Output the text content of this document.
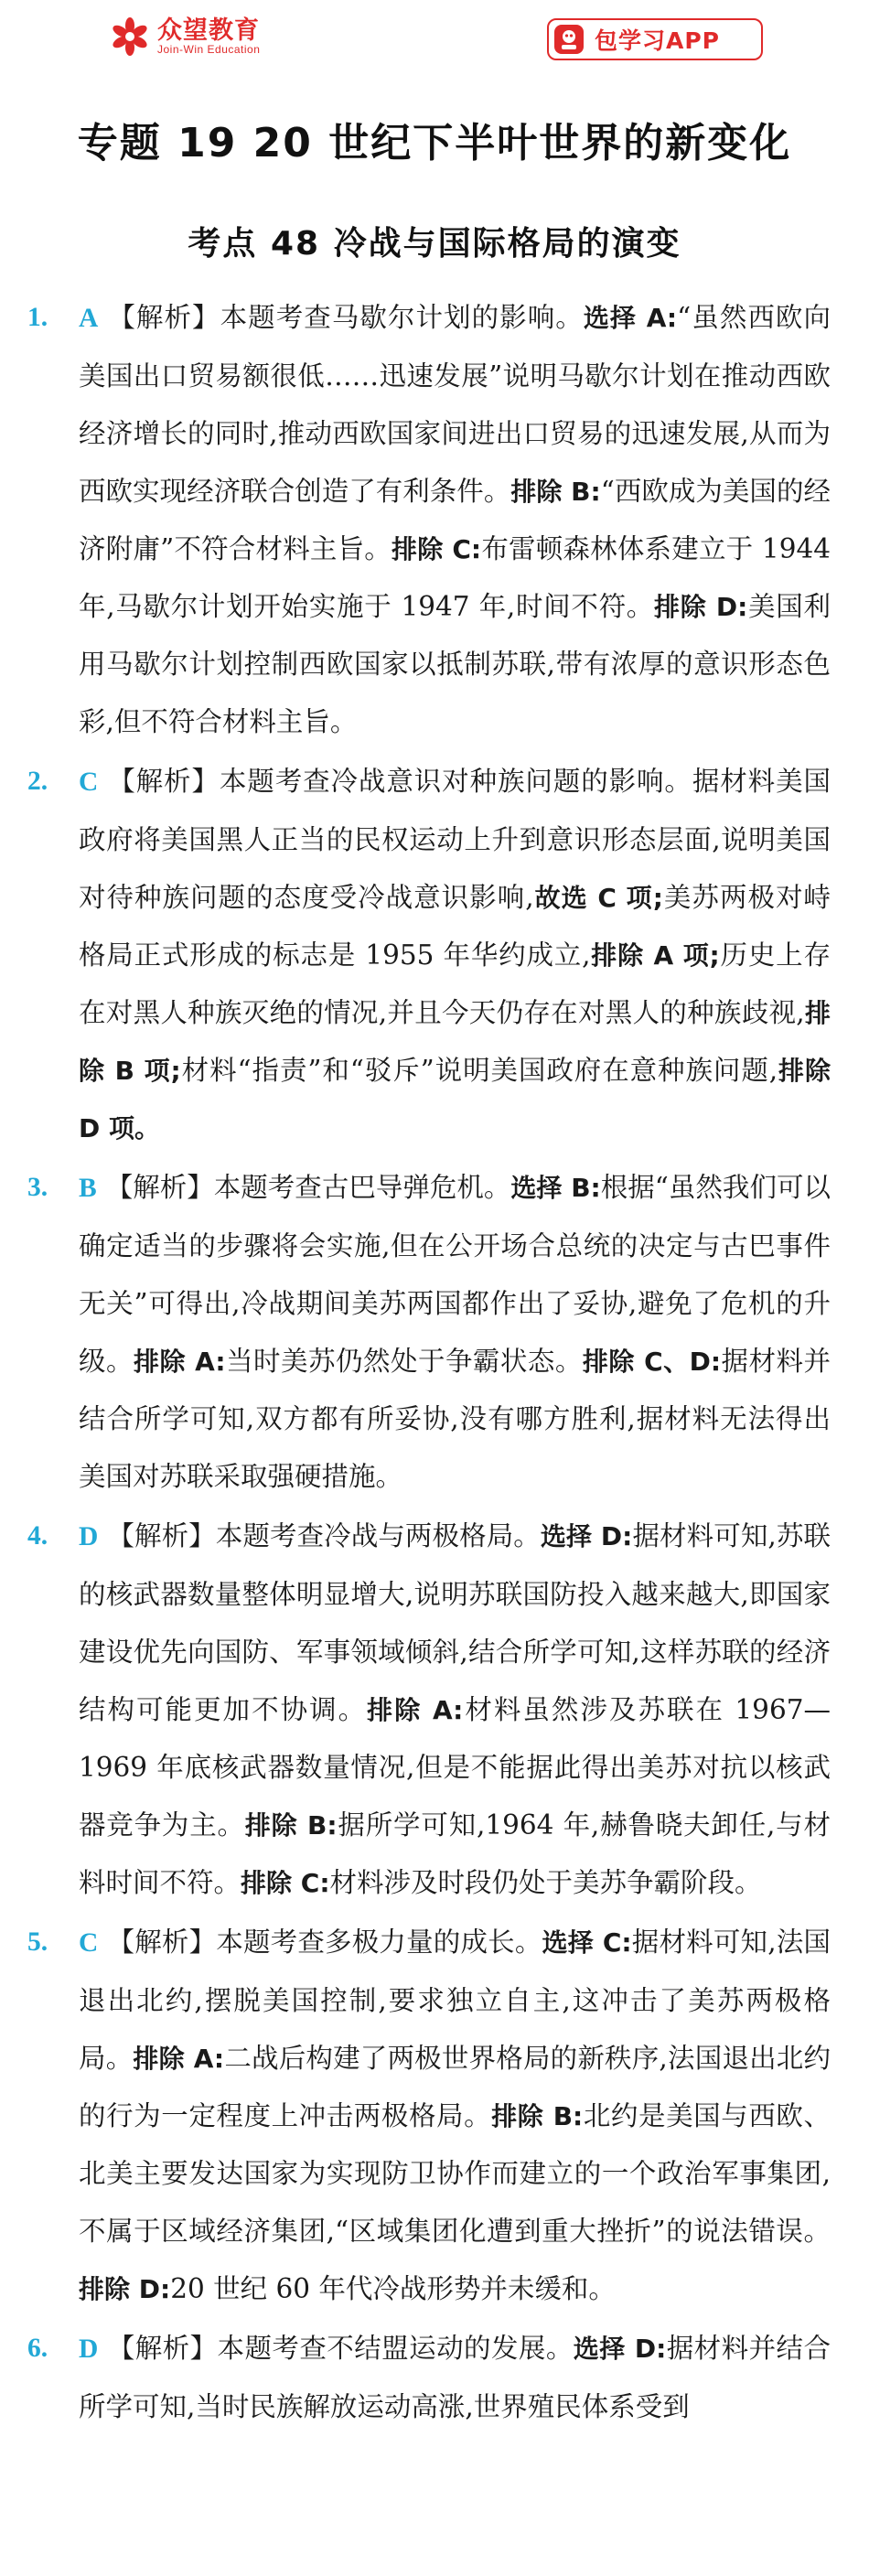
众望教育
Join-Win Education	包学习APP
专题 19 20 世纪下半叶世界的新变化
考点 48 冷战与国际格局的演变
1. A 【解析】本题考查马歇尔计划的影响。选择 A:“虽然西欧向美国出口贸易额很低……迅速发展”说明马歇尔计划在推动西欧经济增长的同时,推动西欧国家间进出口贸易的迅速发展,从而为西欧实现经济联合创造了有利条件。排除 B:“西欧成为美国的经济附庸”不符合材料主旨。排除 C:布雷顿森林体系建立于 1944 年,马歇尔计划开始实施于 1947 年,时间不符。排除 D:美国利用马歇尔计划控制西欧国家以抵制苏联,带有浓厚的意识形态色彩,但不符合材料主旨。
2. C 【解析】本题考查冷战意识对种族问题的影响。据材料美国政府将美国黑人正当的民权运动上升到意识形态层面,说明美国对待种族问题的态度受冷战意识影响,故选 C 项;美苏两极对峙格局正式形成的标志是 1955 年华约成立,排除 A 项;历史上存在对黑人种族灭绝的情况,并且今天仍存在对黑人的种族歧视,排除 B 项;材料“指责”和“驳斥”说明美国政府在意种族问题,排除 D 项。
3. B 【解析】本题考查古巴导弹危机。选择 B:根据“虽然我们可以确定适当的步骤将会实施,但在公开场合总统的决定与古巴事件无关”可得出,冷战期间美苏两国都作出了妥协,避免了危机的升级。排除 A:当时美苏仍然处于争霸状态。排除 C、D:据材料并结合所学可知,双方都有所妥协,没有哪方胜利,据材料无法得出美国对苏联采取强硬措施。
4. D 【解析】本题考查冷战与两极格局。选择 D:据材料可知,苏联的核武器数量整体明显增大,说明苏联国防投入越来越大,即国家建设优先向国防、军事领域倾斜,结合所学可知,这样苏联的经济结构可能更加不协调。排除 A:材料虽然涉及苏联在 1967—1969 年底核武器数量情况,但是不能据此得出美苏对抗以核武器竞争为主。排除 B:据所学可知,1964 年,赫鲁晓夫卸任,与材料时间不符。排除 C:材料涉及时段仍处于美苏争霸阶段。
5. C 【解析】本题考查多极力量的成长。选择 C:据材料可知,法国退出北约,摆脱美国控制,要求独立自主,这冲击了美苏两极格局。排除 A:二战后构建了两极世界格局的新秩序,法国退出北约的行为一定程度上冲击两极格局。排除 B:北约是美国与西欧、北美主要发达国家为实现防卫协作而建立的一个政治军事集团,不属于区域经济集团,“区域集团化遭到重大挫折”的说法错误。排除 D:20 世纪 60 年代冷战形势并未缓和。
6. D 【解析】本题考查不结盟运动的发展。选择 D:据材料并结合所学可知,当时民族解放运动高涨,世界殖民体系受到
